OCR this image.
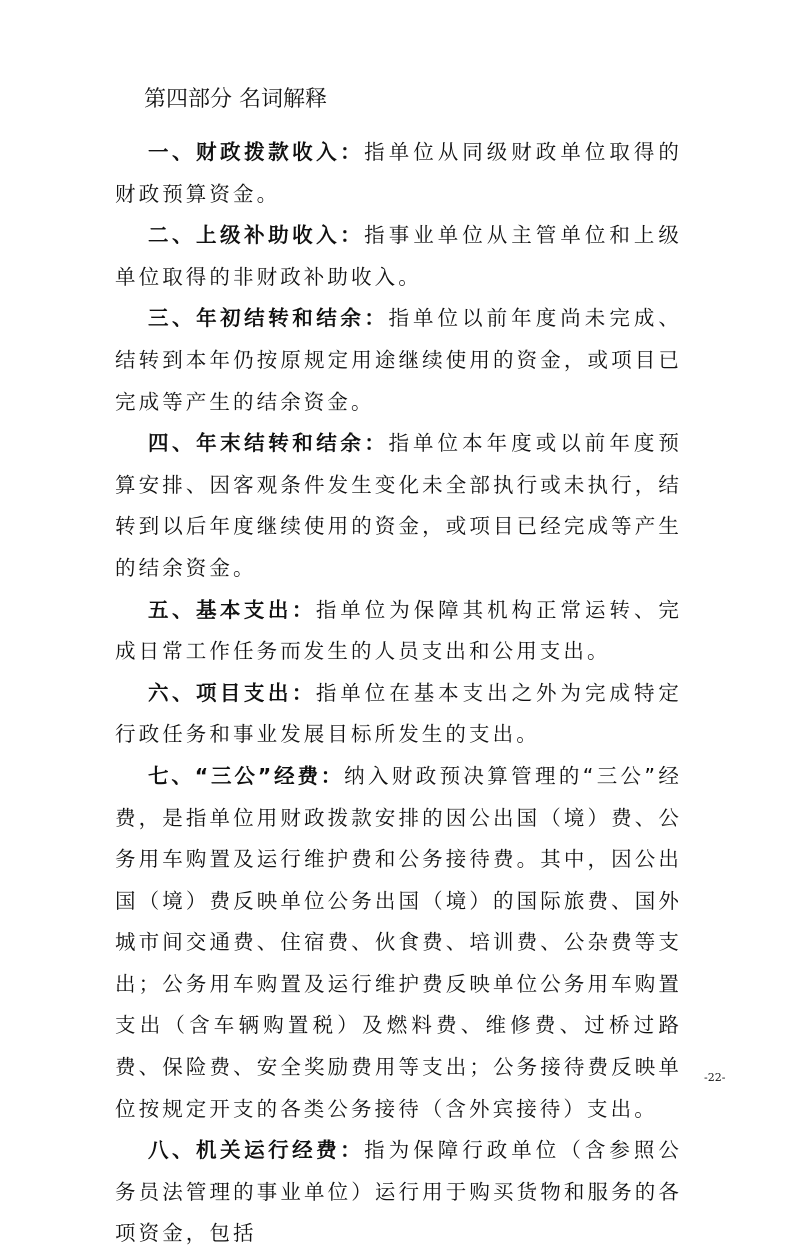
第四部分 名词解释

一、财政拨款收入：指单位从同级财政单位取得的财政预算资金。

二、上级补助收入：指事业单位从主管单位和上级单位取得的非财政补助收入。

三、年初结转和结余：指单位以前年度尚未完成、结转到本年仍按原规定用途继续使用的资金，或项目已完成等产生的结余资金。

四、年末结转和结余：指单位本年度或以前年度预算安排、因客观条件发生变化未全部执行或未执行，结转到以后年度继续使用的资金，或项目已经完成等产生的结余资金。

五、基本支出：指单位为保障其机构正常运转、完成日常工作任务而发生的人员支出和公用支出。

六、项目支出：指单位在基本支出之外为完成特定行政任务和事业发展目标所发生的支出。

七、“三公”经费：纳入财政预决算管理的“三公”经费，是指单位用财政拨款安排的因公出国（境）费、公务用车购置及运行维护费和公务接待费。其中，因公出国（境）费反映单位公务出国（境）的国际旅费、国外城市间交通费、住宿费、伙食费、培训费、公杂费等支出；公务用车购置及运行维护费反映单位公务用车购置支出（含车辆购置税）及燃料费、维修费、过桥过路费、保险费、安全奖励费用等支出；公务接待费反映单位按规定开支的各类公务接待（含外宾接待）支出。

八、机关运行经费：指为保障行政单位（含参照公务员法管理的事业单位）运行用于购买货物和服务的各项资金，包括

-22-
